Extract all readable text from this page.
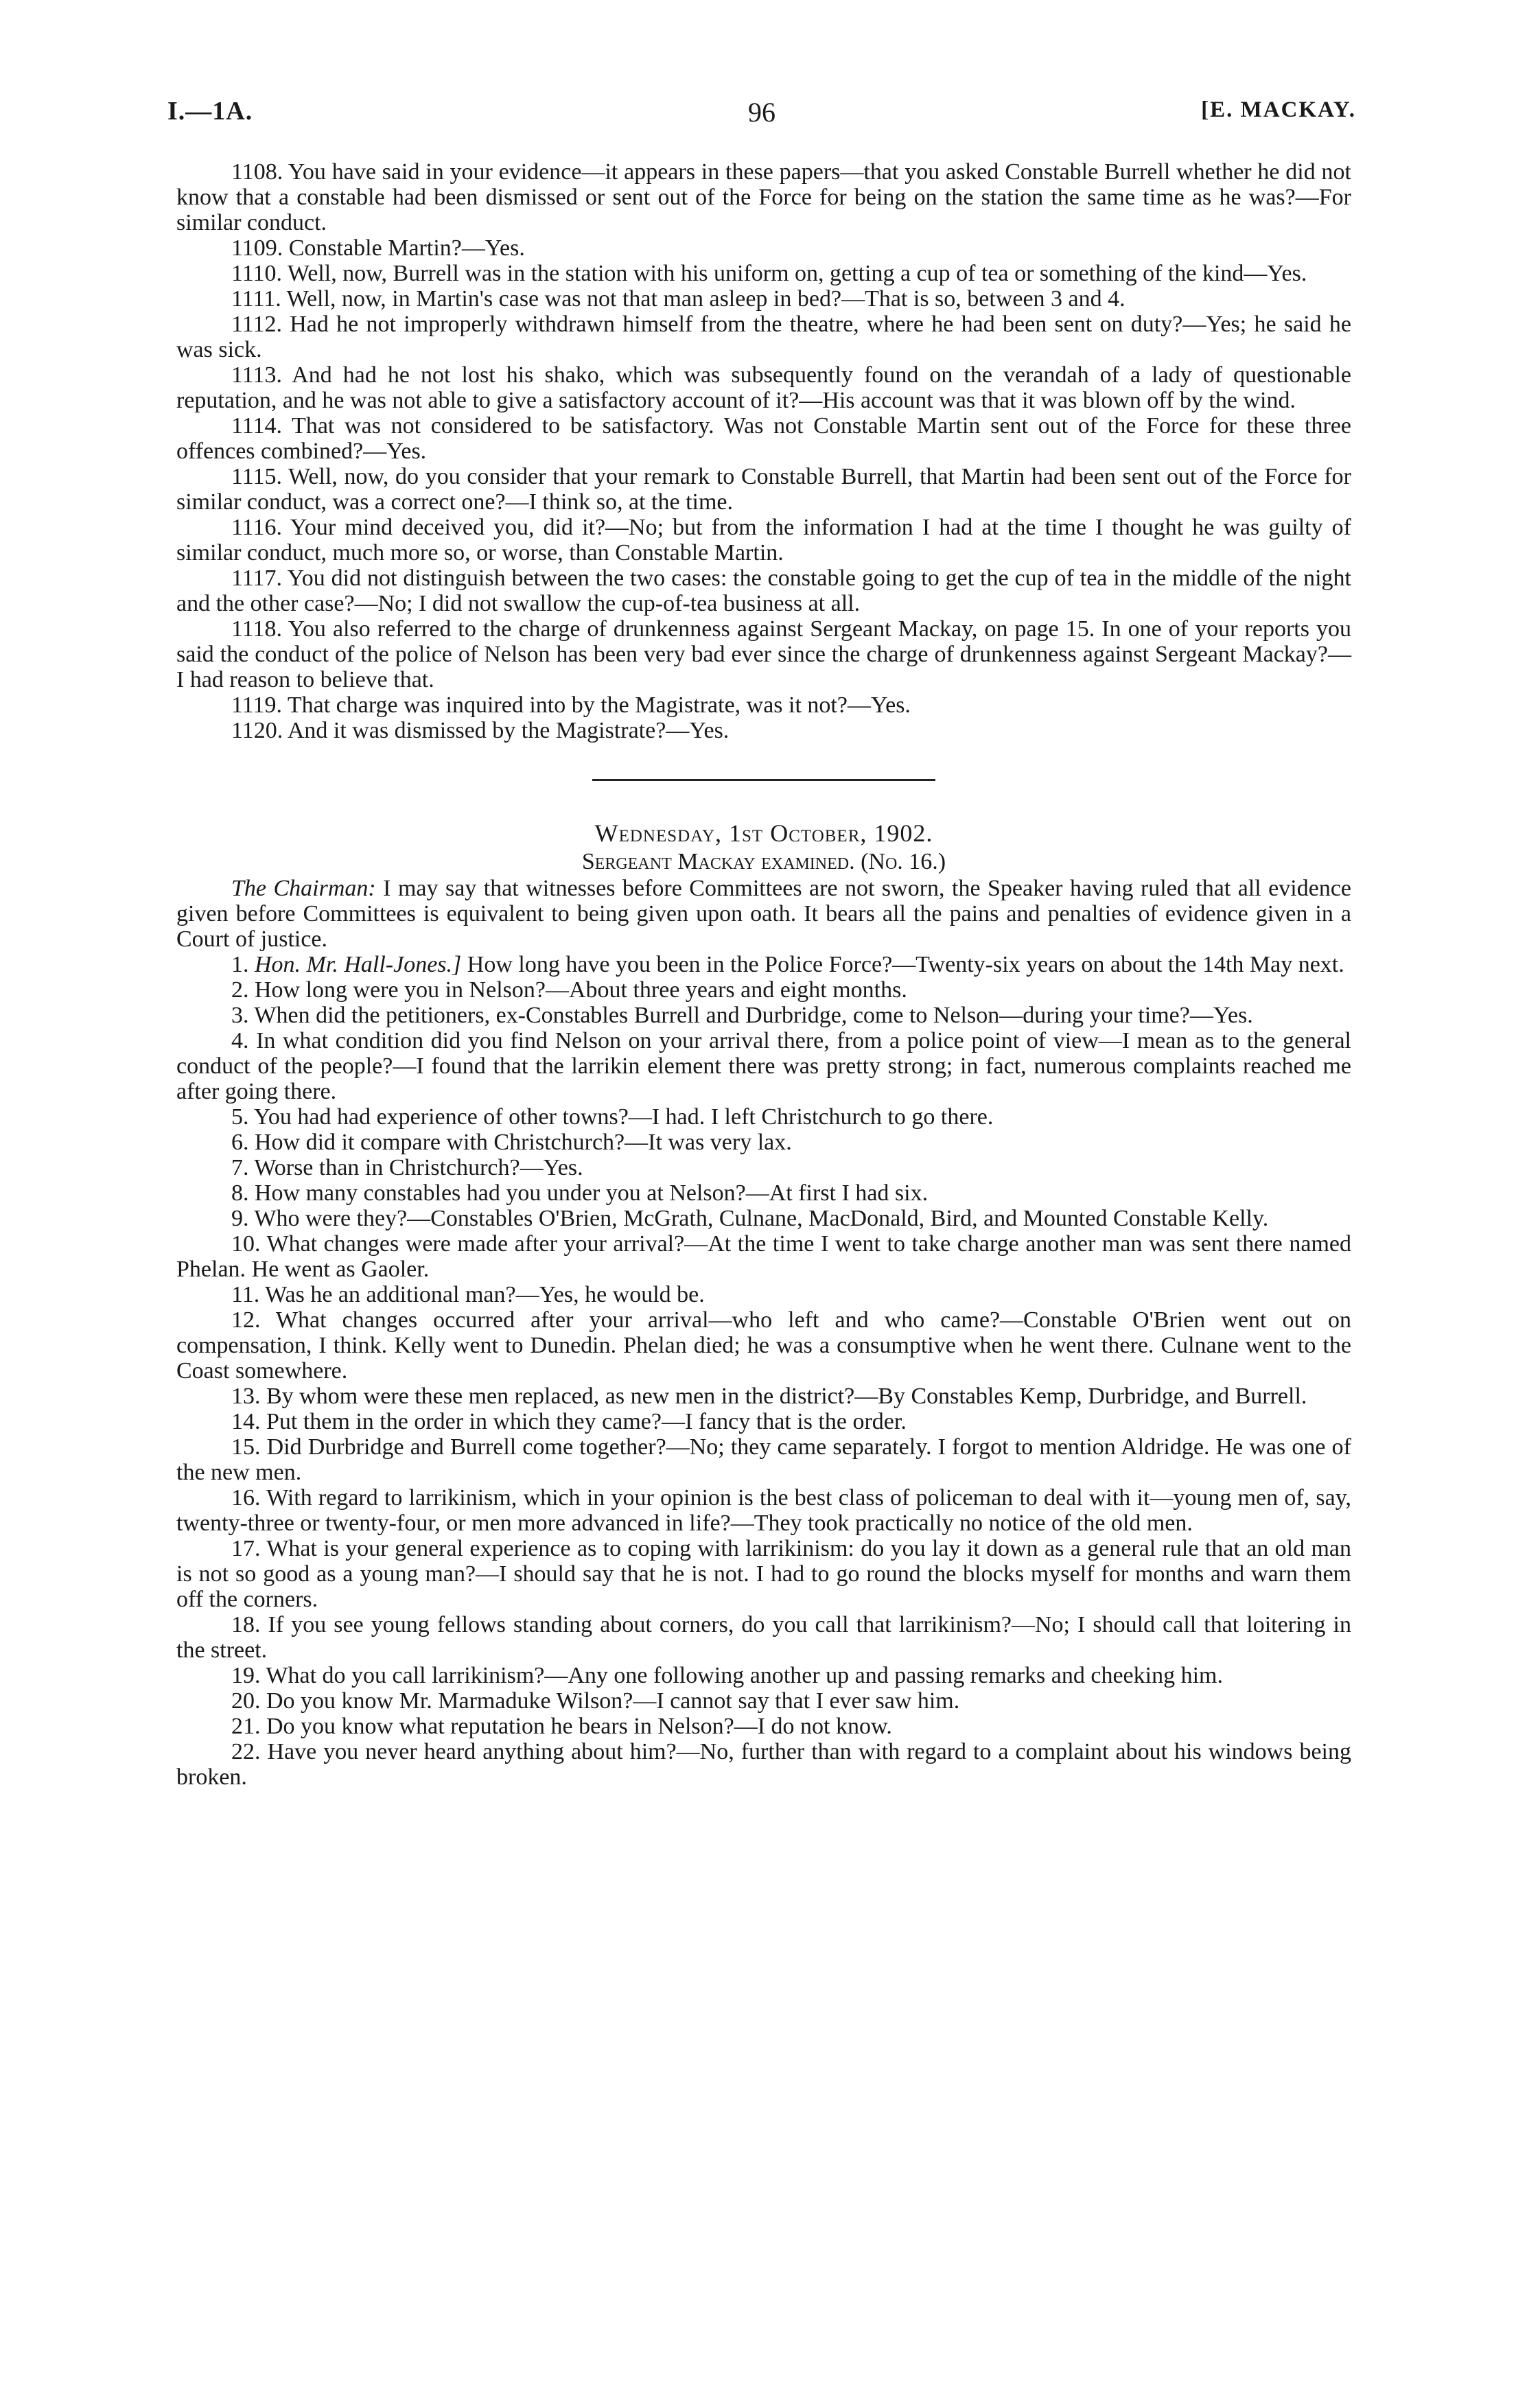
I.—1A.	96	[E. MACKAY.

1108. You have said in your evidence—it appears in these papers—that you asked Constable Burrell whether he did not know that a constable had been dismissed or sent out of the Force for being on the station the same time as he was?—For similar conduct.

1109. Constable Martin?—Yes.

1110. Well, now, Burrell was in the station with his uniform on, getting a cup of tea or something of the kind—Yes.

1111. Well, now, in Martin's case was not that man asleep in bed?—That is so, between 3 and 4.

1112. Had he not improperly withdrawn himself from the theatre, where he had been sent on duty?—Yes; he said he was sick.

1113. And had he not lost his shako, which was subsequently found on the verandah of a lady of questionable reputation, and he was not able to give a satisfactory account of it?—His account was that it was blown off by the wind.

1114. That was not considered to be satisfactory. Was not Constable Martin sent out of the Force for these three offences combined?—Yes.

1115. Well, now, do you consider that your remark to Constable Burrell, that Martin had been sent out of the Force for similar conduct, was a correct one?—I think so, at the time.

1116. Your mind deceived you, did it?—No; but from the information I had at the time I thought he was guilty of similar conduct, much more so, or worse, than Constable Martin.

1117. You did not distinguish between the two cases: the constable going to get the cup of tea in the middle of the night and the other case?—No; I did not swallow the cup-of-tea business at all.

1118. You also referred to the charge of drunkenness against Sergeant Mackay, on page 15. In one of your reports you said the conduct of the police of Nelson has been very bad ever since the charge of drunkenness against Sergeant Mackay?—I had reason to believe that.

1119. That charge was inquired into by the Magistrate, was it not?—Yes.

1120. And it was dismissed by the Magistrate?—Yes.

Wednesday, 1st October, 1902.

Sergeant Mackay examined. (No. 16.)

The Chairman: I may say that witnesses before Committees are not sworn, the Speaker having ruled that all evidence given before Committees is equivalent to being given upon oath. It bears all the pains and penalties of evidence given in a Court of justice.

1. Hon. Mr. Hall-Jones.] How long have you been in the Police Force?—Twenty-six years on about the 14th May next.

2. How long were you in Nelson?—About three years and eight months.

3. When did the petitioners, ex-Constables Burrell and Durbridge, come to Nelson—during your time?—Yes.

4. In what condition did you find Nelson on your arrival there, from a police point of view—I mean as to the general conduct of the people?—I found that the larrikin element there was pretty strong; in fact, numerous complaints reached me after going there.

5. You had had experience of other towns?—I had. I left Christchurch to go there.

6. How did it compare with Christchurch?—It was very lax.

7. Worse than in Christchurch?—Yes.

8. How many constables had you under you at Nelson?—At first I had six.

9. Who were they?—Constables O'Brien, McGrath, Culnane, MacDonald, Bird, and Mounted Constable Kelly.

10. What changes were made after your arrival?—At the time I went to take charge another man was sent there named Phelan. He went as Gaoler.

11. Was he an additional man?—Yes, he would be.

12. What changes occurred after your arrival—who left and who came?—Constable O'Brien went out on compensation, I think. Kelly went to Dunedin. Phelan died; he was a consumptive when he went there. Culnane went to the Coast somewhere.

13. By whom were these men replaced, as new men in the district?—By Constables Kemp, Durbridge, and Burrell.

14. Put them in the order in which they came?—I fancy that is the order.

15. Did Durbridge and Burrell come together?—No; they came separately. I forgot to mention Aldridge. He was one of the new men.

16. With regard to larrikinism, which in your opinion is the best class of policeman to deal with it—young men of, say, twenty-three or twenty-four, or men more advanced in life?—They took practically no notice of the old men.

17. What is your general experience as to coping with larrikinism: do you lay it down as a general rule that an old man is not so good as a young man?—I should say that he is not. I had to go round the blocks myself for months and warn them off the corners.

18. If you see young fellows standing about corners, do you call that larrikinism?—No; I should call that loitering in the street.

19. What do you call larrikinism?—Any one following another up and passing remarks and cheeking him.

20. Do you know Mr. Marmaduke Wilson?—I cannot say that I ever saw him.

21. Do you know what reputation he bears in Nelson?—I do not know.

22. Have you never heard anything about him?—No, further than with regard to a complaint about his windows being broken.
